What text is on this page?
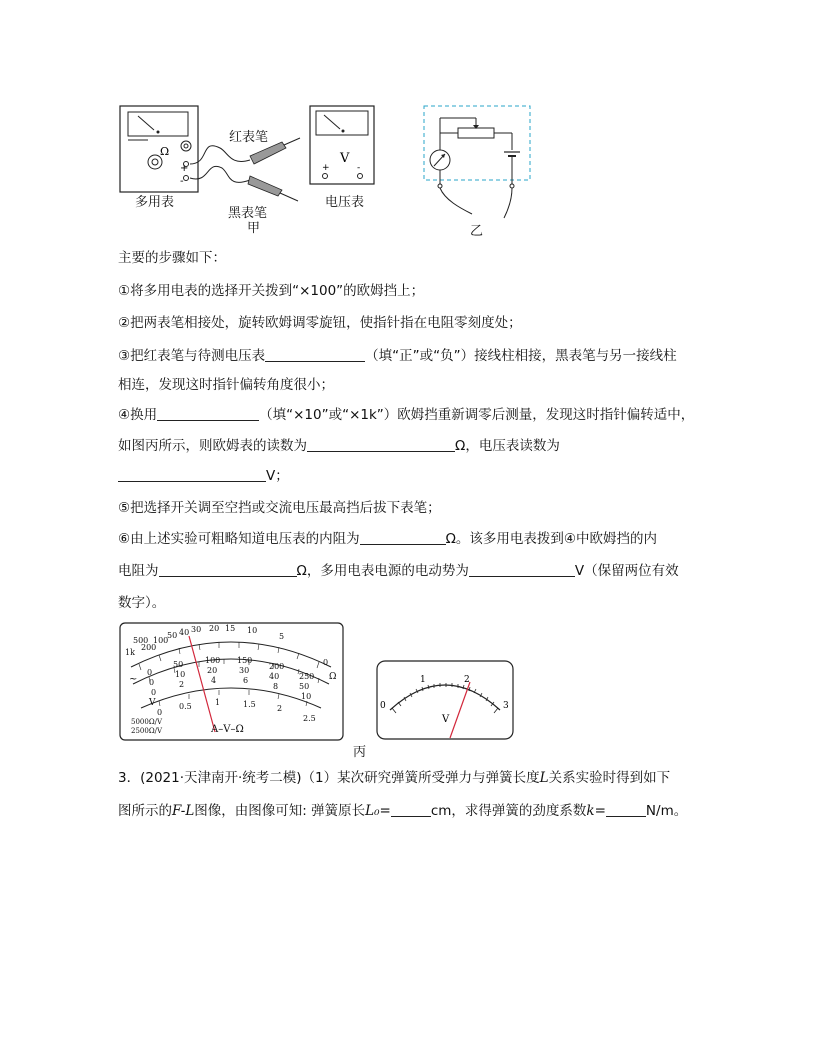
Ω
+
-
V
+	-
红表笔
多用表
黑表笔
甲
电压表
乙
主要的步骤如下：
①将多用电表的选择开关拨到“×100”的欧姆挡上；
②把两表笔相接处，旋转欧姆调零旋钮，使指针指在电阻零刻度处；
③把红表笔与待测电压表	（填“正”或“负”）接线柱相接，黑表笔与另一接线柱
相连，发现这时指针偏转角度很小；
④换用	（填“×10”或“×1k”）欧姆挡重新调零后测量，发现这时指针偏转适中，
如图丙所示，则欧姆表的读数为	Ω，电压表读数为
V；
⑤把选择开关调至空挡或交流电压最高挡后拔下表笔；
⑥由上述实验可粗略知道电压表的内阻为	Ω。该多用电表拨到④中欧姆挡的内
电阻为	Ω，多用电表电源的电动势为	V（保留两位有效
数字）。
1k
500
200
100
50 40 30 20 15 10
5
0
0
50	100 150
200
250
0
10	20	30
40
50
0
2	4	6
8
10
0
0.5	1	1.5	2
2.5
V
~	Ω
5000Ω/V
2500Ω/V	A–V–Ω
0
1	2
3
V
丙
3．(2021·天津南开·统考二模)（1）某次研究弹簧所受弹力与弹簧长度L关系实验时得到如下
图所示的F-L图像，由图像可知: 弹簧原长L₀=	cm，求得弹簧的劲度系数k=	N/m。
